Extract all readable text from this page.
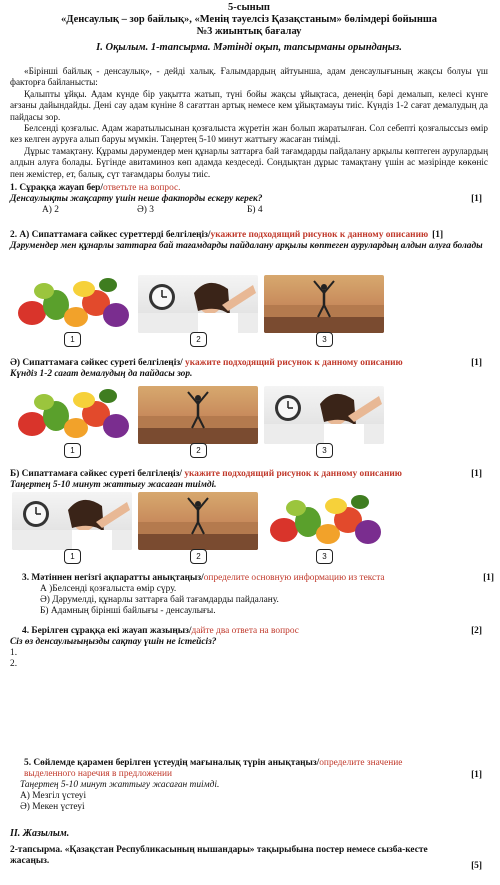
5-сынып
«Денсаулық – зор байлық», «Менің тәуелсіз Қазақстаным» бөлімдері бойынша
№3 жиынтық бағалау
I. Оқылым. 1-тапсырма. Мәтінді оқып, тапсырманы орындаңыз.

«Бірінші байлық - денсаулық», - дейді халық. Ғалымдардың айтуынша, адам денсаулығының жақсы болуы үш факторға байланысты:

Қалыпты ұйқы. Адам күнде бір уақытта жатып, түні бойы жақсы ұйықтаса, денеңің бәрі демалып, келесі күнге ағзаны дайындайды. Дені сау адам күніне 8 сағаттан артық немесе кем ұйықтамауы тиіс. Күндіз 1-2 сағат демалудың да пайдасы зор.

Белсенді қозғалыс. Адам жаратылысынан қозғалыста жүретін жан болып жаратылған. Сол себепті қозғалыссыз өмір кез келген ауруға алып баруы мүмкін. Таңертең 5-10 минут жаттығу жасаған тиімді.

Дұрыс тамақтану. Құрамы дәрумендер мен құнарлы заттарға бай тағамдарды пайдалану арқылы көптеген аурулардың алдын алуға болады. Бүгінде авитаминоз көп адамда кездеседі. Сондықтан дұрыс тамақтану үшін ас мәзірінде көкөніс пен жемістер, ет, балық, сүт тағамдары болуы тиіс.

1. Сұраққа жауап бер/ответьте на вопрос.
Денсаулықты жақсарту үшін неше факторды ескеру керек?	[1]
А) 2	Ә) 3	Б) 4
2. А) Сипаттамаға сәйкес суреттерді белгілеңіз/укажите подходящий рисунок к данному описанию [1]
Дәрумендер мен құнарлы заттарға бай тағамдарды пайдалану арқылы көптеген аурулардың алдын алуға болады
1	2	3
Ә) Сипаттамаға сәйкес суреті белгілеңіз/ укажите подходящий рисунок к данному описанию	[1]
Күндіз 1-2 сағат демалудың да пайдасы зор.
1	2	3
Б) Сипаттамаға сәйкес суреті белгілеңіз/ укажите подходящий рисунок к данному описанию	[1]
Таңертең 5-10 минут жаттығу жасаған тиімді.
1	2	3
3. Мәтіннен негізгі ақпаратты анықтаңыз/определите основную информацию из текста	[1]
А )Белсенді қозғалыста өмір сүру.
Ә) Дәрумелді, құнарлы заттарға бай тағамдарды пайдалану.
Б) Адамның бірінші байлығы - денсаулығы.
4. Берілген сұраққа екі жауап жазыңыз/дайте два ответа на вопрос	[2]
Сіз өз денсаулығыңызды сақтау үшін не істейсіз?
1.
2.
5. Сөйлемде қарамен берілген үстеудің мағыналық түрін анықтаңыз/определите значение выделенного наречия в предложении	[1]
Таңертең 5-10 минут жаттығу жасаған тиімді.
А) Мезгіл үстеуі
Ә) Мекен үстеуі
II. Жазылым.
2-тапсырма. «Қазақстан Республикасының нышандары» тақырыбына постер немесе сызба-кесте жасаңыз.	[5]
